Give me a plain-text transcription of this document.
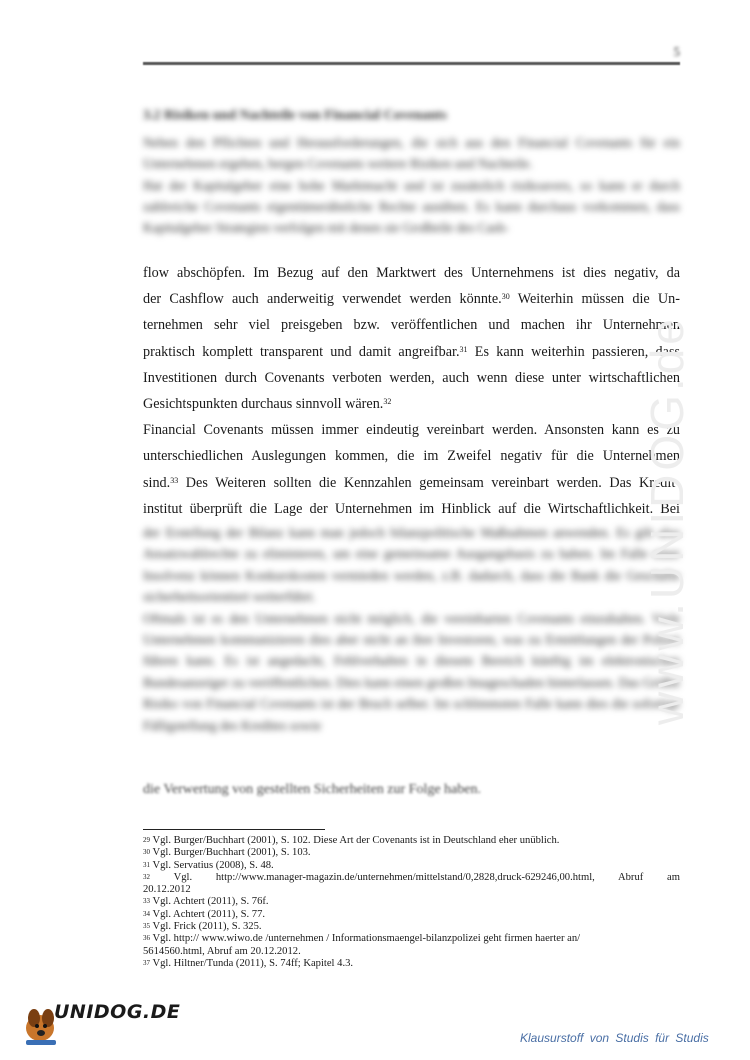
5
3.2 Risiken und Nachteile von Financial Covenants

Neben den Pflichten und Herausforderungen, die sich aus den Financial Covenants für ein Unternehmen ergeben, bergen Covenants weitere Risiken und Nachteile.

Hat der Kapitalgeber eine hohe Marktmacht und ist zusätzlich risikoavers, so kann er durch zahlreiche Covenants eigentümerähnliche Rechte ausüben. Es kann durchaus vorkommen, dass Kapitalgeber Strategien verfolgen mit denen sie Großteile des Cash-

flow abschöpfen. Im Bezug auf den Marktwert des Unternehmens ist dies negativ, da
der Cashflow auch anderweitig verwendet werden könnte.$^{30}$ Weiterhin müssen die Un-
ternehmen sehr viel preisgeben bzw. veröffentlichen und machen ihr Unternehmen
praktisch komplett transparent und damit angreifbar.$^{31}$ Es kann weiterhin passieren, dass
Investitionen durch Covenants verboten werden, auch wenn diese unter wirtschaftlichen
Gesichtspunkten durchaus sinnvoll wären.$^{32}$
Financial Covenants müssen immer eindeutig vereinbart werden. Ansonsten kann es zu
unterschiedlichen Auslegungen kommen, die im Zweifel negativ für die Unternehmen
sind.$^{33}$ Des Weiteren sollten die Kennzahlen gemeinsam vereinbart werden. Das Kredit-
institut überprüft die Lage der Unternehmen im Hinblick auf die Wirtschaftlichkeit. Bei

der Erstellung der Bilanz kann man jedoch bilanzpolitische Maßnahmen anwenden. Es gilt also Ansatzwahlrechte zu eliminieren, um eine gemeinsame Ausgangsbasis zu haben. Im Falle einer Insolvenz können Konkurskosten vermieden werden, z.B. dadurch, dass die Bank die Geschäfte sicherheitsorientiert weiterführt.

Oftmals ist es den Unternehmen nicht möglich, die vereinbarten Covenants einzuhalten. Viele Unternehmen kommunizieren dies aber nicht an ihre Investoren, was zu Ermittlungen der Polizei führen kann. Es ist angedacht, Fehlverhalten in diesem Bereich künftig im elektronischen Bundesanzeiger zu veröffentlichen. Dies kann einen großen Imageschaden hinterlassen. Das Größte Risiko von Financial Covenants ist der Bruch selber. Im schlimmsten Falle kann dies die sofortige Fälligstellung des Kredites sowie

die Verwertung von gestellten Sicherheiten zur Folge haben.
$^{29}$ Vgl. Burger/Buchhart (2001), S. 102. Diese Art der Covenants ist in Deutschland eher unüblich.
$^{30}$ Vgl. Burger/Buchhart (2001), S. 103.
$^{31}$ Vgl. Servatius (2008), S. 48.
$^{32}$ Vgl. http://www.manager-magazin.de/unternehmen/mittelstand/0,2828,druck-629246,00.html, Abruf am
20.12.2012
$^{33}$ Vgl. Achtert (2011), S. 76f.
$^{34}$ Vgl. Achtert (2011), S. 77.
$^{35}$ Vgl. Frick (2011), S. 325.
$^{36}$ Vgl. http:// www.wiwo.de /unternehmen / Informationsmaengel-bilanzpolizei geht firmen haerter an/
5614560.html, Abruf am 20.12.2012.
$^{37}$ Vgl. Hiltner/Tunda (2011), S. 74ff; Kapitel 4.3.
www.UNIDOG.de
UNIDOG.DE
Klausurstoff von Studis für Studis
